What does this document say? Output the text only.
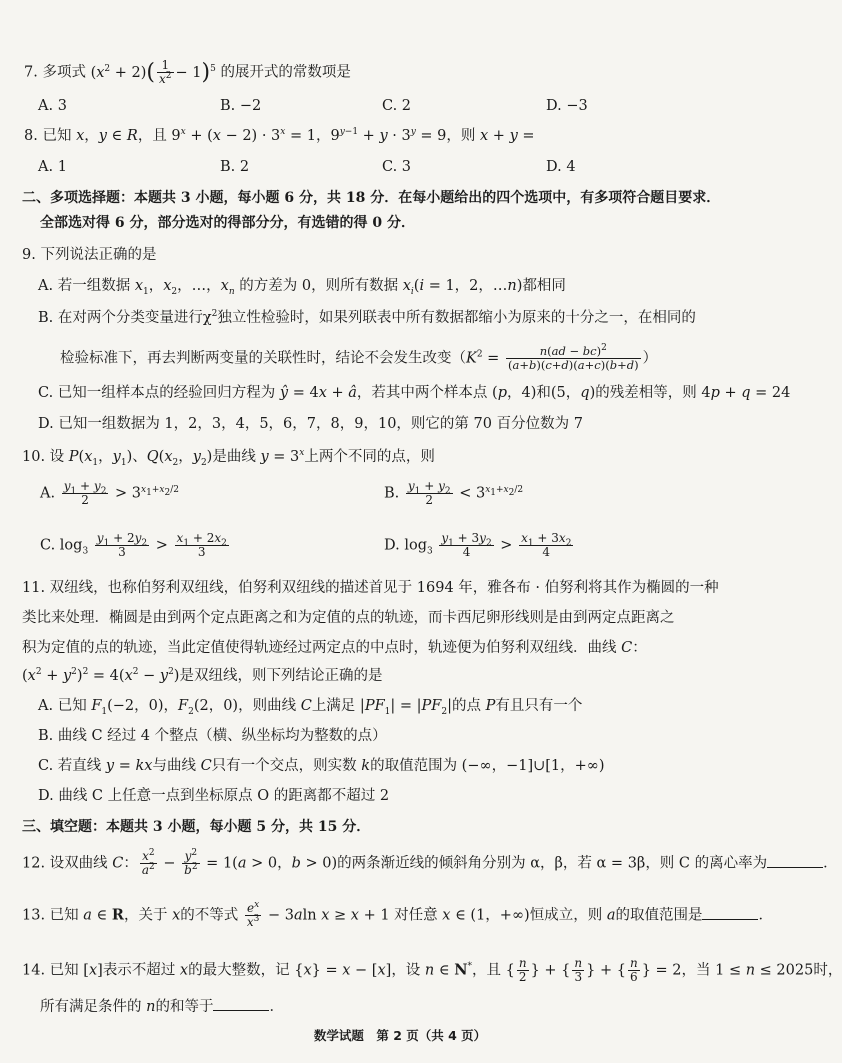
7. 多项式 $(x^2 + 2)( \frac{1}{x^2} - 1)^5$ 的展开式的常数项是
A. 3	B. −2	C. 2	D. −3
8. 已知 x，y ∈ R，且 $9^x + (x - 2) \cdot 3^x = 1$，$9^{y-1} + y \cdot 3^y = 9$，则 x + y =
A. 1	B. 2	C. 3	D. 4
二、多项选择题：本题共 3 小题，每小题 6 分，共 18 分．在每小题给出的四个选项中，有多项符合题目要求．
全部选对得 6 分，部分选对的得部分分，有选错的得 0 分．
9. 下列说法正确的是
A. 若一组数据 $x_1$，$x_2$，…，$x_n$ 的方差为 0，则所有数据 $x_i(i = 1$，2，…n)都相同
B. 在对两个分类变量进行$\chi^2$独立性检验时，如果列联表中所有数据都缩小为原来的十分之一，在相同的
检验标准下，再去判断两变量的关联性时，结论不会发生改变（$K^2 = \frac{n(ad - bc)^2}{(a+b)(c+d)(a+c)(b+d)}$ ）
C. 已知一组样本点的经验回归方程为 ŷ = 4x + â，若其中两个样本点 (p，4)和(5，q)的残差相等，则 4p + q = 24
D. 已知一组数据为 1，2，3，4，5，6，7，8，9，10，则它的第 70 百分位数为 7
10. 设 $P(x_1$，$y_1$)、$Q(x_2$，$y_2$)是曲线 $y = 3^x$上两个不同的点，则
A. $\frac{y_1 + y_2}{2} > 3^{x_1+x_2/2}$	B. $\frac{y_1 + y_2}{2} < 3^{x_1+x_2/2}$
C. $\log_3 \frac{y_1 + 2y_2}{3} > \frac{x_1 + 2x_2}{3}$	D. $\log_3 \frac{y_1 + 3y_2}{4} > \frac{x_1 + 3x_2}{4}$
11. 双纽线，也称伯努利双纽线，伯努利双纽线的描述首见于 1694 年，雅各布 · 伯努利将其作为椭圆的一种
类比来处理．椭圆是由到两个定点距离之和为定值的点的轨迹，而卡西尼卵形线则是由到两定点距离之
积为定值的点的轨迹，当此定值使得轨迹经过两定点的中点时，轨迹便为伯努利双纽线．曲线 C：
$(x^2 + y^2)^2 = 4(x^2 - y^2)$是双纽线，则下列结论正确的是
A. 已知 $F_1(-2$，0)，$F_2(2$，0)，则曲线 C上满足 $|PF_1| = |PF_2|$的点 P有且只有一个
B. 曲线 C 经过 4 个整点（横、纵坐标均为整数的点）
C. 若直线 y = kx与曲线 C只有一个交点，则实数 k的取值范围为 (−∞，−1]∪[1，+∞)
D. 曲线 C 上任意一点到坐标原点 O 的距离都不超过 2
三、填空题：本题共 3 小题，每小题 5 分，共 15 分．
12. 设双曲线 C： $\frac{x^2}{a^2} - \frac{y^2}{b^2} = 1(a > 0$，b > 0)的两条渐近线的倾斜角分别为 α，β，若 α = 3β，则 C 的离心率为	．
13. 已知 a ∈ R，关于 x的不等式 $\frac{e^x}{x^3} - 3aln$ x ≥ x + 1 对任意 x ∈ (1，+∞)恒成立，则 a的取值范围是	．
14. 已知 [x]表示不超过 x的最大整数，记 {x} = x − [x]，设 n ∈ N*，且 { $\frac{n}{2}$ } + { $\frac{n}{3}$ } + { $\frac{n}{6}$ } = 2，当 1 ≤ n ≤ 2025时，
所有满足条件的 n的和等于	．
数学试题　第 2 页（共 4 页）
